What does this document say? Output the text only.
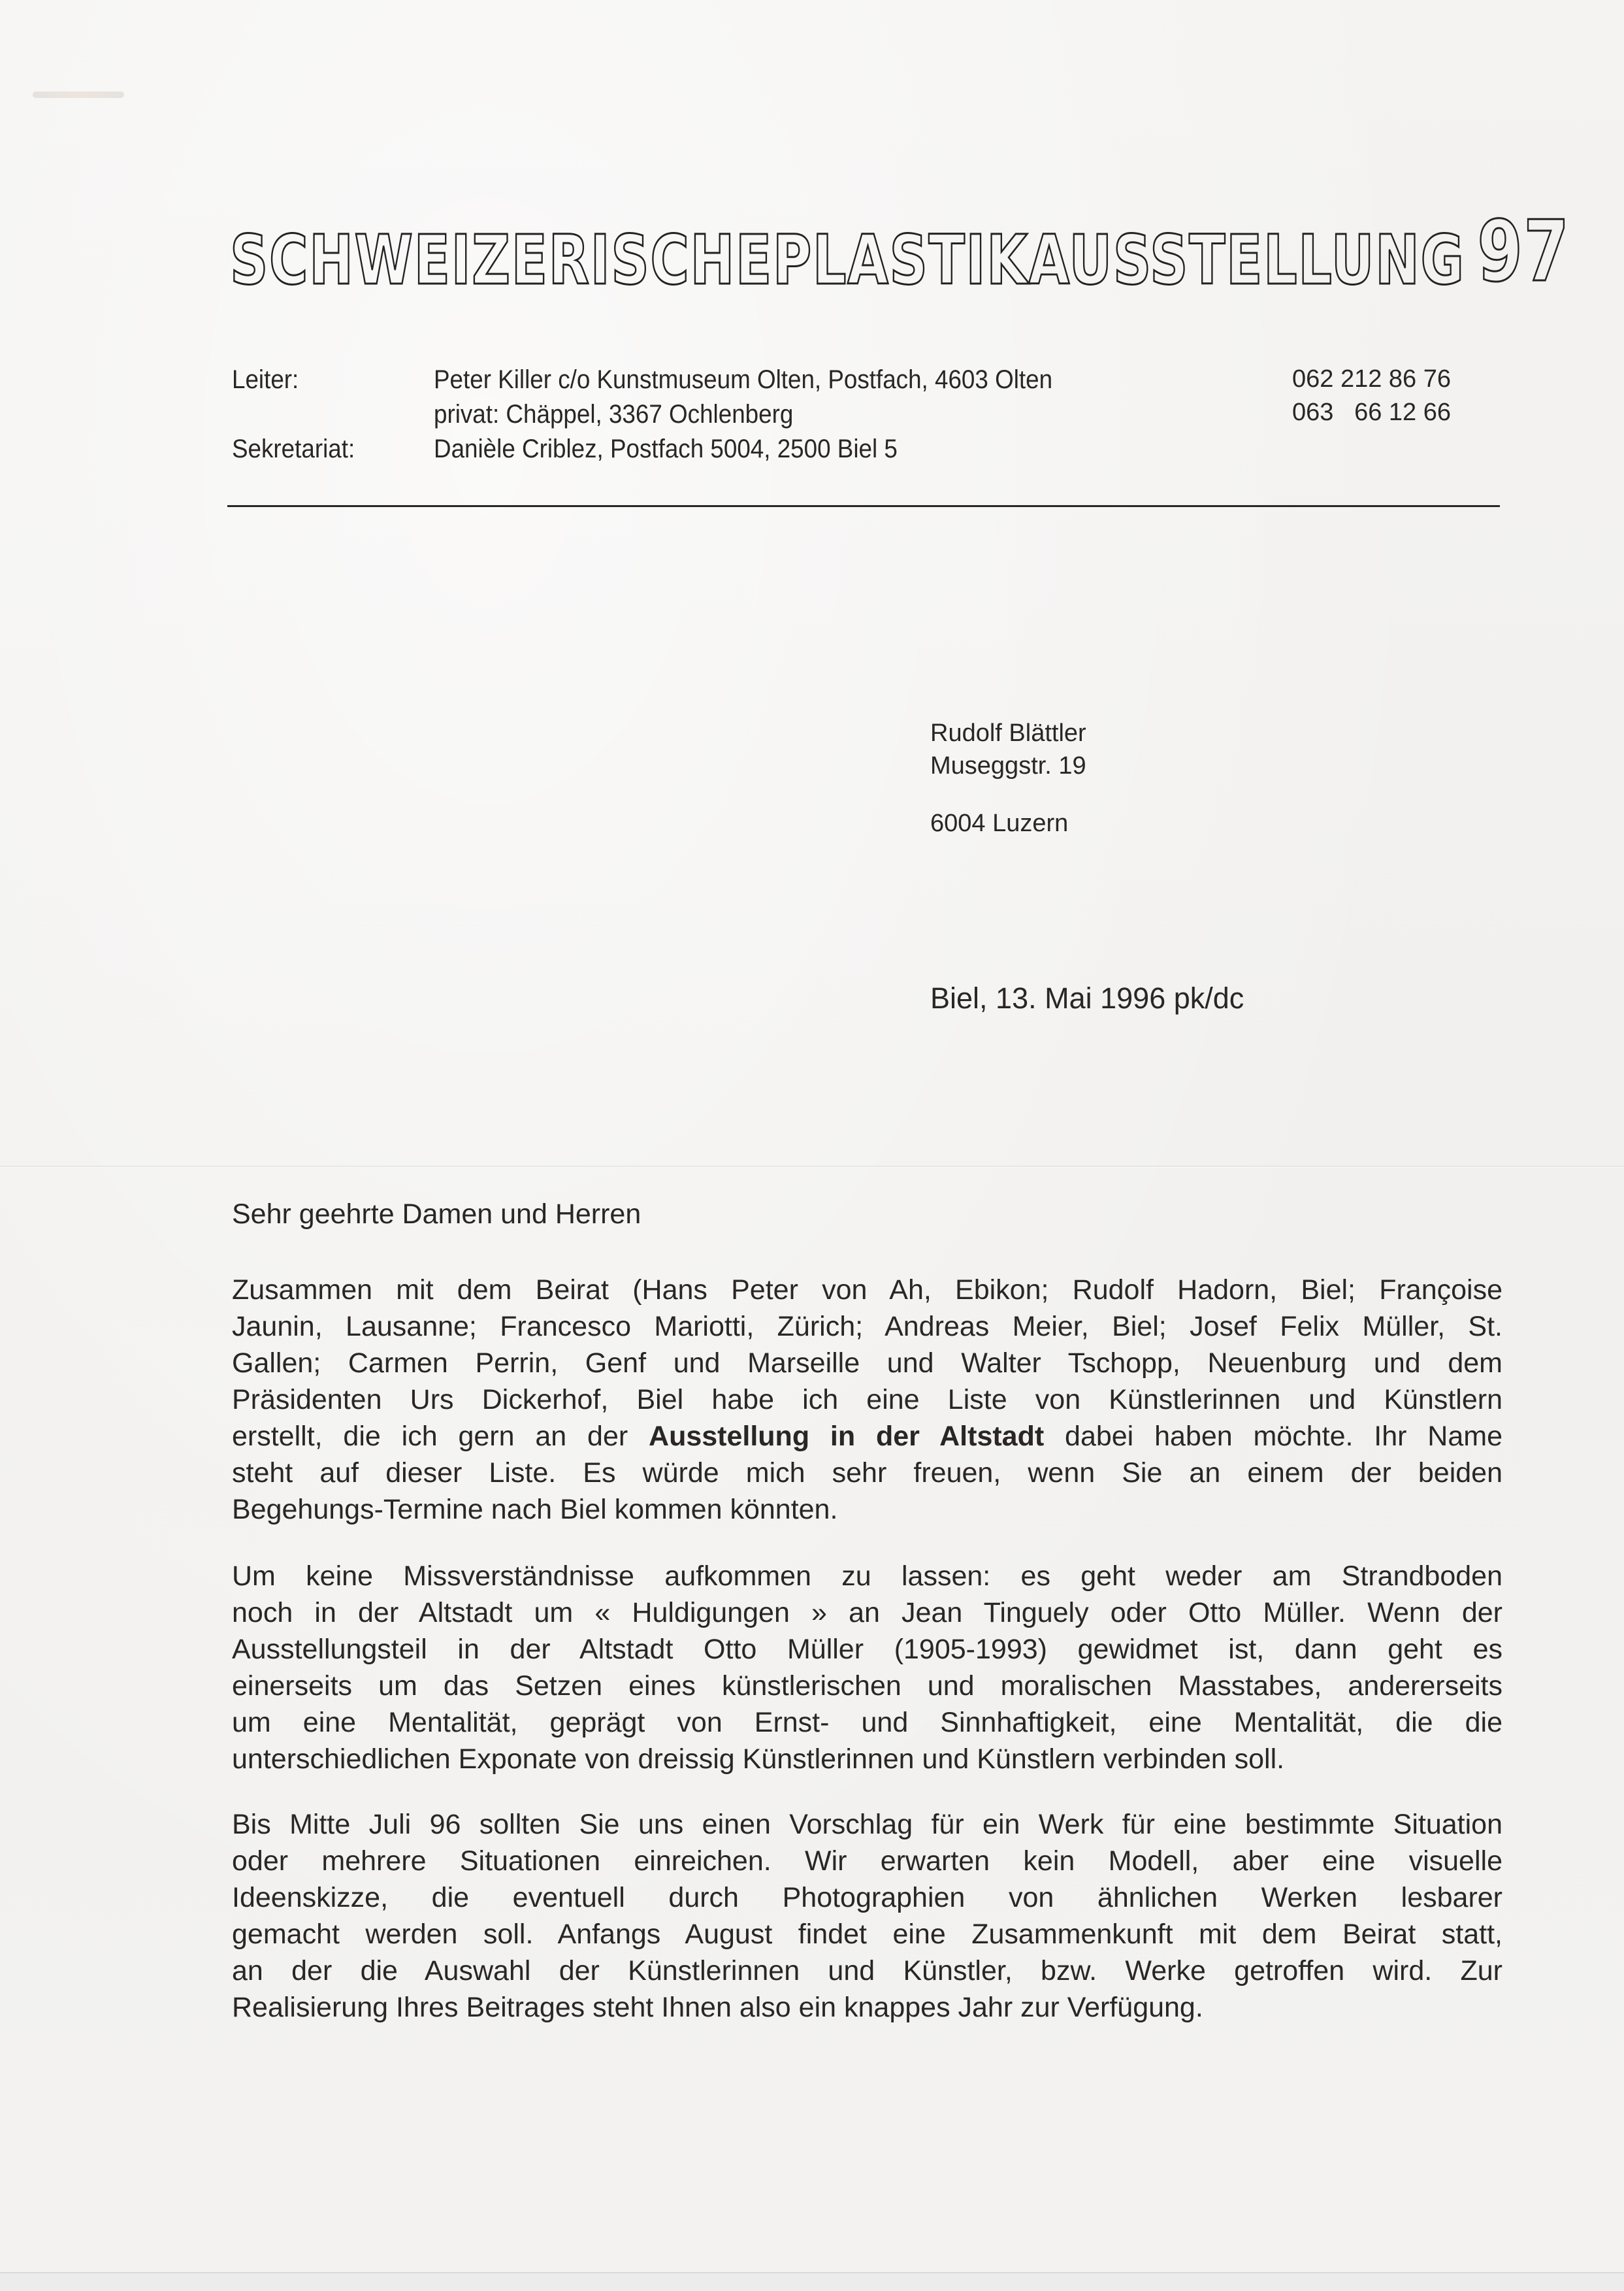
SCHWEIZERISCHE PLASTIKAUSSTELLUNG 97
Leiter:	Peter Killer c/o Kunstmuseum Olten, Postfach, 4603 Olten
privat: Chäppel, 3367 Ochlenberg
Sekretariat:	Danièle Criblez, Postfach 5004, 2500 Biel 5
062 212 86 76
063   66 12 66
Rudolf Blättler
Museggstr. 19
6004 Luzern
Biel, 13. Mai 1996 pk/dc
Sehr geehrte Damen und Herren
Zusammen mit dem Beirat (Hans Peter von Ah, Ebikon; Rudolf Hadorn, Biel; Françoise
Jaunin, Lausanne; Francesco Mariotti, Zürich; Andreas Meier, Biel; Josef Felix Müller, St.
Gallen; Carmen Perrin, Genf und Marseille und Walter Tschopp, Neuenburg und dem
Präsidenten Urs Dickerhof, Biel habe ich eine Liste von Künstlerinnen und Künstlern
erstellt, die ich gern an der Ausstellung in der Altstadt dabei haben möchte. Ihr Name
steht auf dieser Liste. Es würde mich sehr freuen, wenn Sie an einem der beiden
Begehungs-Termine nach Biel kommen könnten.
Um keine Missverständnisse aufkommen zu lassen: es geht weder am Strandboden
noch in der Altstadt um « Huldigungen » an Jean Tinguely oder Otto Müller. Wenn der
Ausstellungsteil in der Altstadt Otto Müller (1905-1993) gewidmet ist, dann geht es
einerseits um das Setzen eines künstlerischen und moralischen Masstabes, andererseits
um eine Mentalität, geprägt von Ernst- und Sinnhaftigkeit, eine Mentalität, die die
unterschiedlichen Exponate von dreissig Künstlerinnen und Künstlern verbinden soll.
Bis Mitte Juli 96 sollten Sie uns einen Vorschlag für ein Werk für eine bestimmte Situation
oder mehrere Situationen einreichen. Wir erwarten kein Modell, aber eine visuelle
Ideenskizze, die eventuell durch Photographien von ähnlichen Werken lesbarer
gemacht werden soll. Anfangs August findet eine Zusammenkunft mit dem Beirat statt,
an der die Auswahl der Künstlerinnen und Künstler, bzw. Werke getroffen wird. Zur
Realisierung Ihres Beitrages steht Ihnen also ein knappes Jahr zur Verfügung.
